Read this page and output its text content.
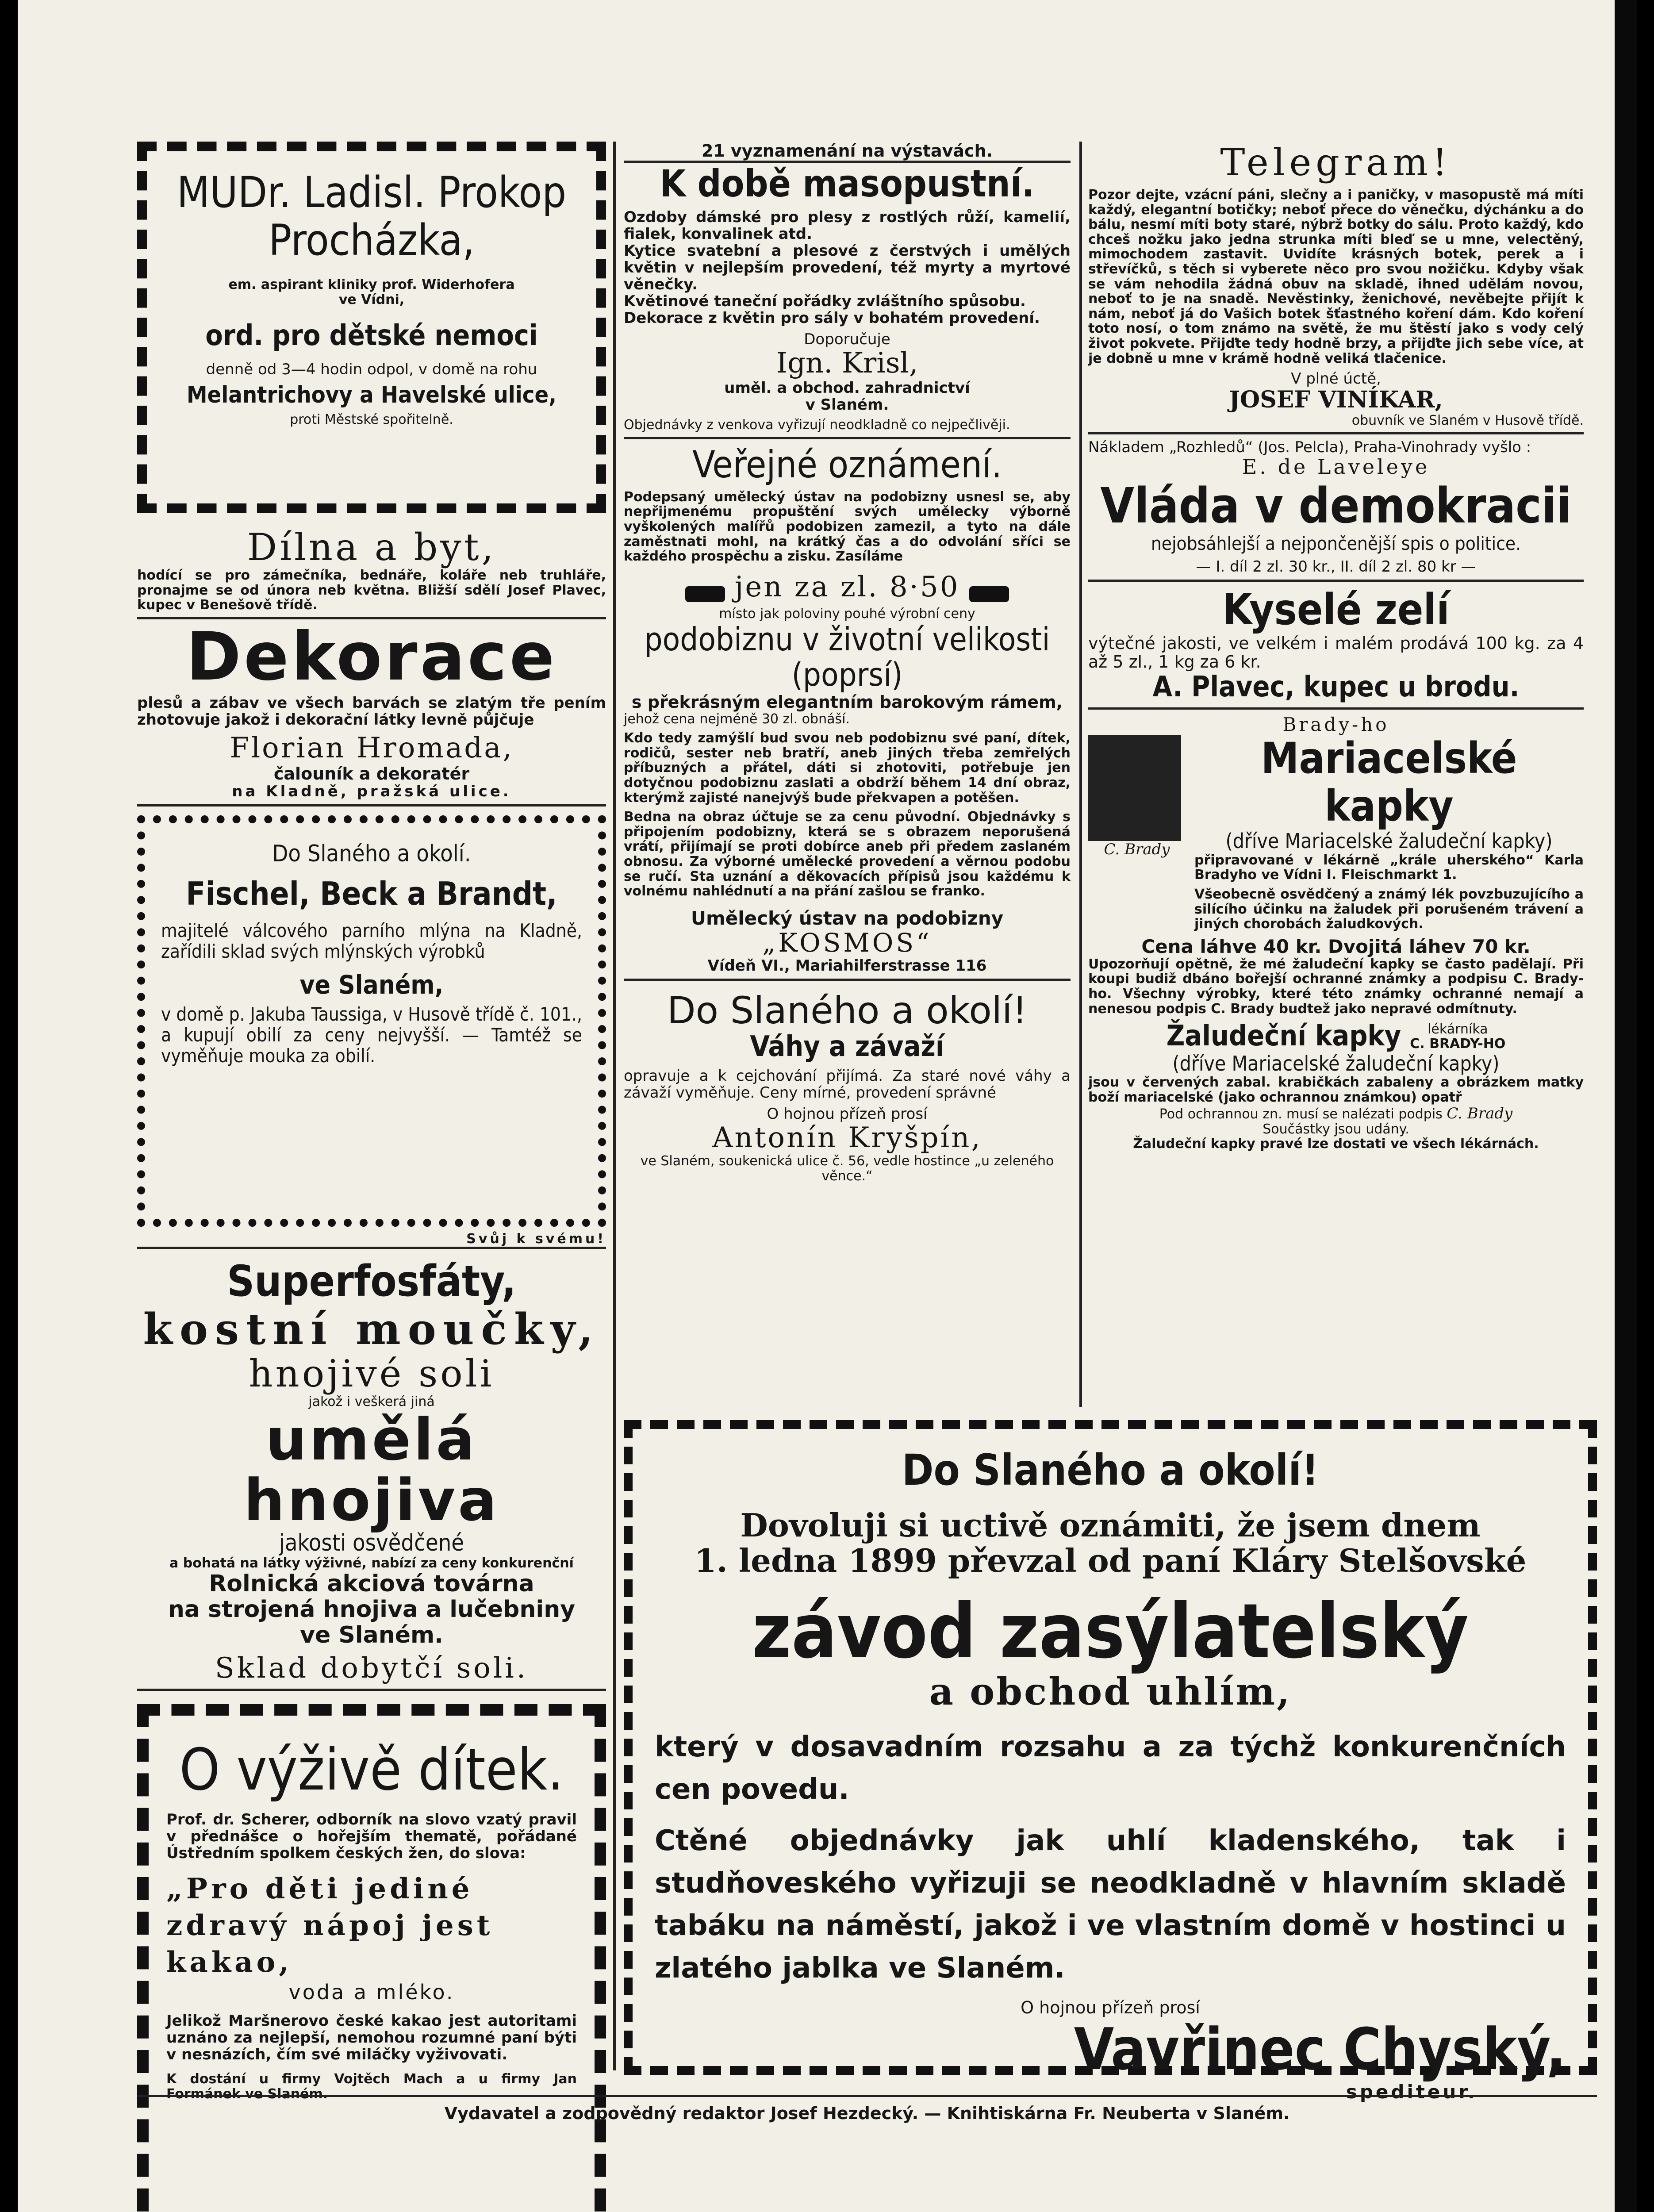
MUDr. Ladisl. Prokop Procházka,
em. aspirant kliniky prof. Widerhofera
ve Vídni,
ord. pro dětské nemoci
denně od 3—4 hodin odpol, v domě na rohu
Melantrichovy a Havelské ulice,
proti Městské spořitelně.
Dílna a byt,
hodící se pro zámečníka, bednáře, koláře neb truhláře, pronajme se od února neb května. Bližší sdělí Josef Plavec, kupec v Benešově třídě.
Dekorace
plesů a zábav ve všech barvách se zlatým tře pením zhotovuje jakož i dekorační látky levně půjčuje
Florian Hromada,
čalouník a dekoratér
na Kladně, pražská ulice.
Do Slaného a okolí.
Fischel, Beck a Brandt,
majitelé válcového parního mlýna na Kladně, zařídili sklad svých mlýnských výrobků
ve Slaném,
v domě p. Jakuba Taussiga, v Husově třídě č. 101., a kupují obilí za ceny nejvyšší. — Tamtéž se vyměňuje mouka za obilí.
Svůj k svému!
Superfosfáty,
kostní moučky,
hnojivé soli
jakož i veškerá jiná
umělá hnojiva
jakosti osvědčené
a bohatá na látky výživné, nabízí za ceny konkurenční
Rolnická akciová továrna
na strojená hnojiva a lučebniny
ve Slaném.
Sklad dobytčí soli.
O výživě dítek.
Prof. dr. Scherer, odborník na slovo vzatý pravil v přednášce o hořejším thematě, pořádané Ústředním spolkem českých žen, do slova:
„Pro děti jediné zdravý nápoj jest kakao,
voda a mléko.
Jelikož Maršnerovo české kakao jest autoritami uznáno za nejlepší, nemohou rozumné paní býti v nesnázích, čím své miláčky vyživovati.
K dostání u firmy Vojtěch Mach a u firmy Jan Formánek ve Slaném.
21 vyznamenání na výstavách.
K době masopustní.
Ozdoby dámské pro plesy z rostlých růží, kamelií, fialek, konvalinek atd.
Kytice svatební a plesové z čerstvých i umělých květin v nejlepším provedení, též myrty a myrtové věnečky.
Květinové taneční pořádky zvláštního spůsobu.
Dekorace z květin pro sály v bohatém provedení.
Doporučuje
Ign. Krisl,
uměl. a obchod. zahradnictví
v Slaném.
Objednávky z venkova vyřizují neodkladně co nejpečlivěji.
Veřejné oznámení.
Podepsaný umělecký ústav na podobizny usnesl se, aby nepřijmenému propuštění svých umělecky výborně vyškolených malířů podobizen zamezil, a tyto na dále zaměstnati mohl, na krátký čas a do odvolání sříci se každého prospěchu a zisku. Zasíláme
jen za zl. 8·50
místo jak poloviny pouhé výrobní ceny
podobiznu v životní velikosti (poprsí)
s překrásným elegantním barokovým rámem,
jehož cena nejméně 30 zl. obnáší.
Kdo tedy zamýšlí bud svou neb podobiznu své paní, dítek, rodičů, sester neb bratří, aneb jiných třeba zemřelých příbuzných a přátel, dáti si zhotoviti, potřebuje jen dotyčnou podobiznu zaslati a obdrží během 14 dní obraz, kterýmž zajisté nanejvýš bude překvapen a potěšen.
Bedna na obraz účtuje se za cenu původní. Objednávky s připojením podobizny, která se s obrazem neporušená vrátí, přijímají se proti dobírce aneb při předem zaslaném obnosu. Za výborné umělecké provedení a věrnou podobu se ručí. Sta uznání a děkovacích přípisů jsou každému k volnému nahlédnutí a na přání zašlou se franko.
Umělecký ústav na podobizny
„KOSMOS“
Vídeň VI., Mariahilferstrasse 116
Do Slaného a okolí!
Váhy a závaží
opravuje a k cejchování přijímá. Za staré nové váhy a závaží vyměňuje. Ceny mírné, provedení správné
O hojnou přízeň prosí
Antonín Kryšpín,
ve Slaném, soukenická ulice č. 56, vedle hostince „u zeleného věnce.“
Telegram!
Pozor dejte, vzácní páni, slečny a i paničky, v masopustě má míti každý, elegantní botičky; neboť přece do věnečku, dýchánku a do bálu, nesmí míti boty staré, nýbrž botky do sálu. Proto každý, kdo chceš nožku jako jedna strunka míti bleď se u mne, velectěný, mimochodem zastavit. Uvidíte krásných botek, perek a i střevíčků, s těch si vyberete něco pro svou nožičku. Kdyby však se vám nehodila žádná obuv na skladě, ihned udělám novou, neboť to je na snadě. Nevěstinky, ženichové, nevěbejte přijít k nám, neboť já do Vašich botek šťastného koření dám. Kdo koření toto nosí, o tom známo na světě, že mu štěstí jako s vody celý život pokvete. Přijďte tedy hodně brzy, a přijďte jich sebe více, at je dobně u mne v krámě hodně veliká tlačenice.
V plné úctě,
JOSEF VINÍKAR,
obuvník ve Slaném v Husově třídě.
Nákladem „Rozhledů“ (Jos. Pelcla), Praha-Vinohrady vyšlo :
E. de Laveleye
Vláda v demokracii
nejobsáhlejší a nejpončenější spis o politice.
— I. díl 2 zl. 30 kr., II. díl 2 zl. 80 kr —
Kyselé zelí
výtečné jakosti, ve velkém i malém prodává 100 kg. za 4 až 5 zl., 1 kg za 6 kr.
A. Plavec, kupec u brodu.
Brady-ho
C. Brady
Mariacelské kapky
(dříve Mariacelské žaludeční kapky)
připravované v lékárně „krále uherského“ Karla Bradyho ve Vídni I. Fleischmarkt 1.
Všeobecně osvědčený a známý lék povzbuzujícího a silícího účinku na žaludek při porušeném trávení a jiných chorobách žaludkových.
Cena láhve 40 kr. Dvojitá láhev 70 kr.
Upozorňují opětně, že mé žaludeční kapky se často padělají. Při koupi budiž dbáno bořejší ochranné známky a podpisu C. Brady-ho. Všechny výrobky, které této známky ochranné nemají a nenesou podpis C. Brady budtež jako nepravé odmítnuty.
Žaludeční kapky	lékárníka
C. BRADY-HO
(dříve Mariacelské žaludeční kapky)
jsou v červených zabal. krabičkách zabaleny a obrázkem matky boží mariacelské (jako ochrannou známkou) opatř
Pod ochrannou zn. musí se nalézati podpis C. Brady
Součástky jsou udány.
Žaludeční kapky pravé lze dostati ve všech lékárnách.
Do Slaného a okolí!
Dovoluji si uctivě oznámiti, že jsem dnem
1. ledna 1899 převzal od paní Kláry Stelšovské
závod zasýlatelský
a obchod uhlím,
který v dosavadním rozsahu a za týchž konkurenčních cen povedu.
Ctěné objednávky jak uhlí kladenského, tak i studňoveského vyřizuji se neodkladně v hlavním skladě tabáku na náměstí, jakož i ve vlastním domě v hostinci u zlatého jablka ve Slaném.
O hojnou přízeň prosí
Vavřinec Chyský,
spediteur.
Vydavatel a zodpovědný redaktor Josef Hezdecký. — Knihtiskárna Fr. Neuberta v Slaném.
